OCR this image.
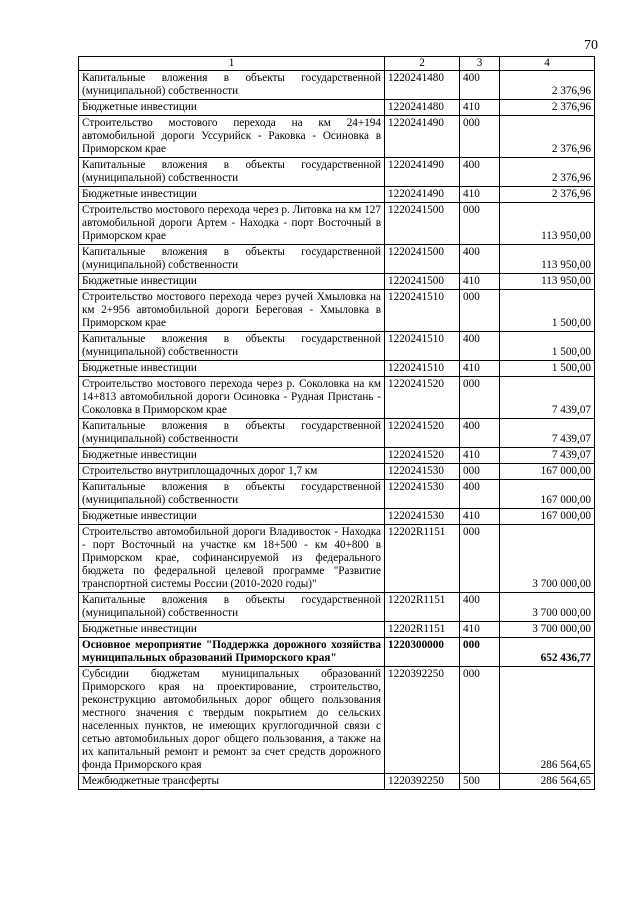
70
1	2	3	4
Капитальные вложения в объекты государственной (муниципальной) собственности	1220241480	400	2 376,96
Бюджетные инвестиции	1220241480	410	2 376,96
Строительство мостового перехода на км 24+194 автомобильной дороги Уссурийск - Раковка - Осиновка в Приморском крае	1220241490	000	2 376,96
Капитальные вложения в объекты государственной (муниципальной) собственности	1220241490	400	2 376,96
Бюджетные инвестиции	1220241490	410	2 376,96
Строительство мостового перехода через р. Литовка на км 127 автомобильной дороги Артем - Находка - порт Восточный в Приморском крае	1220241500	000	113 950,00
Капитальные вложения в объекты государственной (муниципальной) собственности	1220241500	400	113 950,00
Бюджетные инвестиции	1220241500	410	113 950,00
Строительство мостового перехода через ручей Хмыловка на км 2+956 автомобильной дороги Береговая - Хмыловка в Приморском крае	1220241510	000	1 500,00
Капитальные вложения в объекты государственной (муниципальной) собственности	1220241510	400	1 500,00
Бюджетные инвестиции	1220241510	410	1 500,00
Строительство мостового перехода через р. Соколовка на км 14+813 автомобильной дороги Осиновка - Рудная Пристань - Соколовка в Приморском крае	1220241520	000	7 439,07
Капитальные вложения в объекты государственной (муниципальной) собственности	1220241520	400	7 439,07
Бюджетные инвестиции	1220241520	410	7 439,07
Строительство внутриплощадочных дорог 1,7 км	1220241530	000	167 000,00
Капитальные вложения в объекты государственной (муниципальной) собственности	1220241530	400	167 000,00
Бюджетные инвестиции	1220241530	410	167 000,00
Строительство автомобильной дороги Владивосток - Находка - порт Восточный на участке км 18+500 - км 40+800 в Приморском крае, софинансируемой из федерального бюджета по федеральной целевой программе "Развитие транспортной системы России (2010-2020 годы)"	12202R1151	000	3 700 000,00
Капитальные вложения в объекты государственной (муниципальной) собственности	12202R1151	400	3 700 000,00
Бюджетные инвестиции	12202R1151	410	3 700 000,00
Основное мероприятие "Поддержка дорожного хозяйства муниципальных образований Приморского края"	1220300000	000	652 436,77
Субсидии бюджетам муниципальных образований Приморского края на проектирование, строительство, реконструкцию автомобильных дорог общего пользования местного значения с твердым покрытием до сельских населенных пунктов, не имеющих круглогодичной связи с сетью автомобильных дорог общего пользования, а также на их капитальный ремонт и ремонт за счет средств дорожного фонда Приморского края	1220392250	000	286 564,65
Межбюджетные трансферты	1220392250	500	286 564,65
